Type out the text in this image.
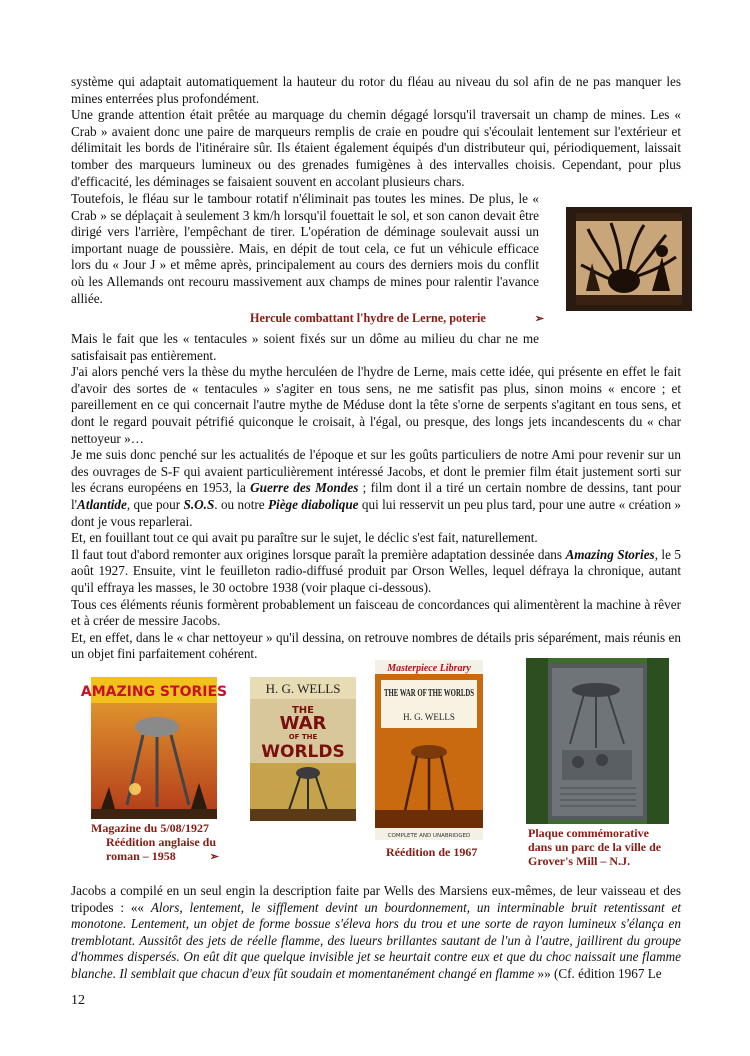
système qui adaptait automatiquement la hauteur du rotor du fléau au niveau du sol afin de ne pas manquer les mines enterrées plus profondément.

Une grande attention était prêtée au marquage du chemin dégagé lorsqu'il traversait un champ de mines. Les « Crab » avaient donc une paire de marqueurs remplis de craie en poudre qui s'écoulait lentement sur l'extérieur et délimitait les bords de l'itinéraire sûr. Ils étaient également équipés d'un distributeur qui, périodiquement, laissait tomber des marqueurs lumineux ou des grenades fumigènes à des intervalles choisis. Cependant, pour plus d'efficacité, les déminages se faisaient souvent en accolant plusieurs chars.

Toutefois, le fléau sur le tambour rotatif n'éliminait pas toutes les mines. De plus, le « Crab » se déplaçait à seulement 3 km/h lorsqu'il fouettait le sol, et son canon devait être dirigé vers l'arrière, l'empêchant de tirer. L'opération de déminage soulevait aussi un important nuage de poussière. Mais, en dépit de tout cela, ce fut un véhicule efficace lors du « Jour J » et même après, principalement au cours des derniers mois du conflit où les Allemands ont recouru massivement aux champs de mines pour ralentir l'avance alliée.

Hercule combattant l'hydre de Lerne, poterie	➢

Mais le fait que les « tentacules » soient fixés sur un dôme au milieu du char ne me satisfaisait pas entièrement.

J'ai alors penché vers la thèse du mythe herculéen de l'hydre de Lerne, mais cette idée, qui présente en effet le fait d'avoir des sortes de « tentacules » s'agiter en tous sens, ne me satisfit pas plus, sinon moins « encore ; et pareillement en ce qui concernait l'autre mythe de Méduse dont la tête s'orne de serpents s'agitant en tous sens, et dont le regard pouvait pétrifié quiconque le croisait, à l'égal, ou presque, des longs jets incandescents du « char nettoyeur »…

Je me suis donc penché sur les actualités de l'époque et sur les goûts particuliers de notre Ami pour revenir sur un des ouvrages de S-F qui avaient particulièrement intéressé Jacobs, et dont le premier film était justement sorti sur les écrans européens en 1953, la Guerre des Mondes ; film dont il a tiré un certain nombre de dessins, tant pour l'Atlantide, que pour S.O.S. ou notre Piège diabolique qui lui resservit un peu plus tard, pour une autre « création » dont je vous reparlerai.

Et, en fouillant tout ce qui avait pu paraître sur le sujet, le déclic s'est fait, naturellement.

Il faut tout d'abord remonter aux origines lorsque paraît la première adaptation dessinée dans Amazing Stories, le 5 août 1927. Ensuite, vint le feuilleton radio-diffusé produit par Orson Welles, lequel défraya la chronique, autant qu'il effraya les masses, le 30 octobre 1938 (voir plaque ci-dessous).

Tous ces éléments réunis formèrent probablement un faisceau de concordances qui alimentèrent la machine à rêver et à créer de messire Jacobs.

Et, en effet, dans le « char nettoyeur » qu'il dessina, on retrouve nombres de détails pris séparément, mais réunis en un objet fini parfaitement cohérent.

AMAZING STORIES	H. G. WELLS
THE
WAR
OF THE
WORLDS
Masterpiece Library
THE WAR OF THE WORLDS
H. G. WELLS
COMPLETE AND UNABRIDGED
Magazine du 5/08/1927
Réédition anglaise du
roman – 1958	➢	Réédition de 1967
Plaque commémorative
dans un parc de la ville de
Grover's Mill – N.J.

Jacobs a compilé en un seul engin la description faite par Wells des Marsiens eux-mêmes, de leur vaisseau et des tripodes : «« Alors, lentement, le sifflement devint un bourdonnement, un interminable bruit retentissant et monotone. Lentement, un objet de forme bossue s'éleva hors du trou et une sorte de rayon lumineux s'élança en tremblotant. Aussitôt des jets de réelle flamme, des lueurs brillantes sautant de l'un à l'autre, jaillirent du groupe d'hommes dispersés. On eût dit que quelque invisible jet se heurtait contre eux et que du choc naissait une flamme blanche. Il semblait que chacun d'eux fût soudain et momentanément changé en flamme »» (Cf. édition 1967 Le

12
